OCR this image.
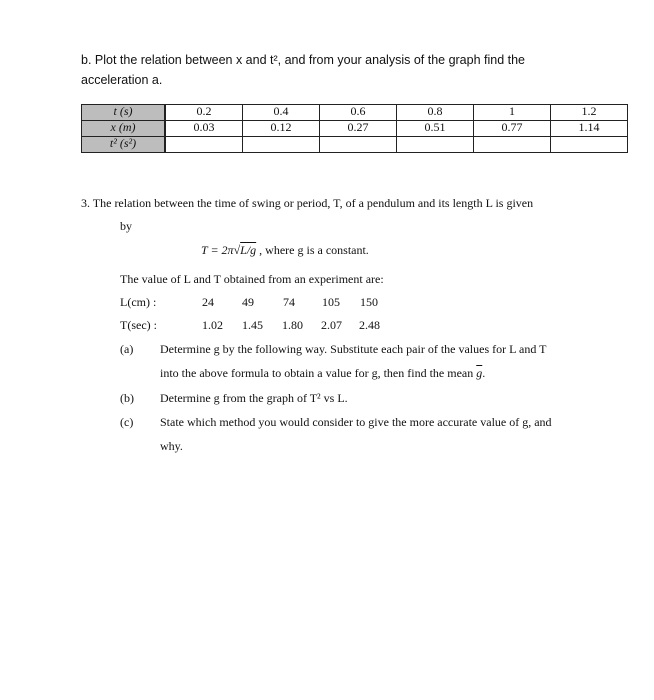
b. Plot the relation between x and t², and from your analysis of the graph find the

acceleration a.

t (s)	0.2	0.4	0.6	0.8	1	1.2
x (m)	0.03	0.12	0.27	0.51	0.77	1.14
t² (s²)						
3. The relation between the time of swing or period, T, of a pendulum and its length L is given
by
T = 2π√L/g , where g is a constant.
The value of L and T obtained from an experiment are:
L(cm) :	24 49 74 105 150
T(sec) :	1.02 1.45 1.80 2.07 2.48
(a) Determine g by the following way. Substitute each pair of the values for L and T
into the above formula to obtain a value for g, then find the mean $\overline{g}$.
(b) Determine g from the graph of T² vs L.
(c) State which method you would consider to give the more accurate value of g, and
why.
